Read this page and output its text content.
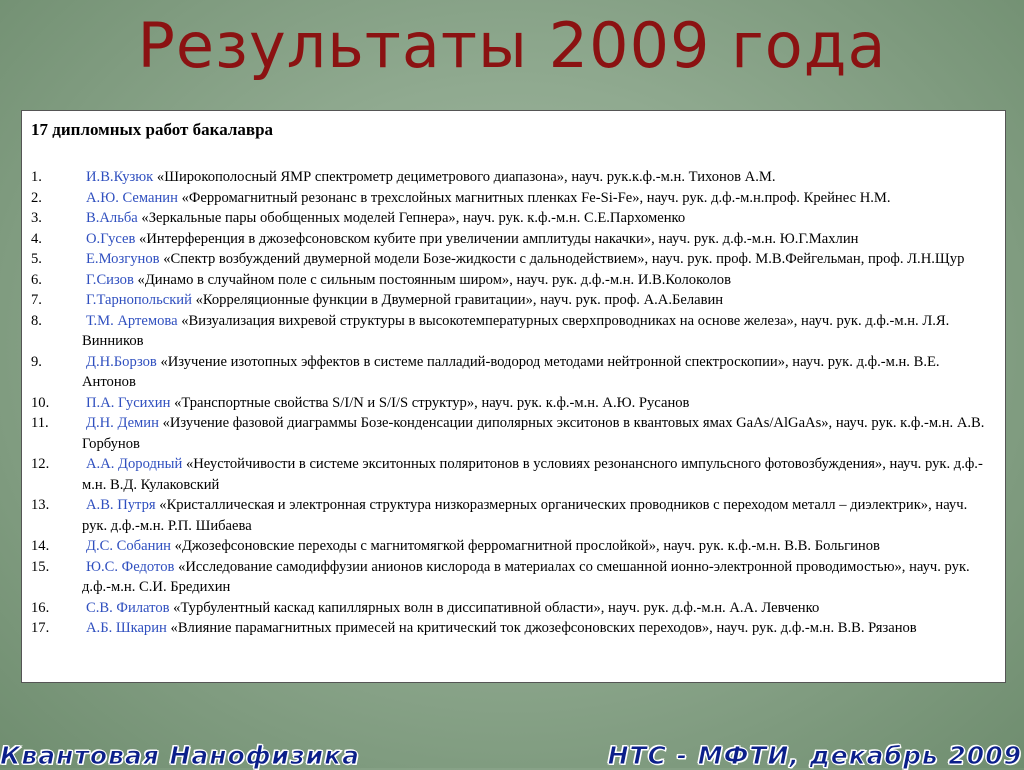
Результаты 2009 года
17 дипломных работ бакалавра
1.	И.В.Кузюк «Широкополосный ЯМР спектрометр дециметрового диапазона», науч. рук.к.ф.-м.н. Тихонов А.М.
2.	А.Ю. Семанин «Ферромагнитный резонанс в трехслойных магнитных пленках Fe-Si-Fe», науч. рук. д.ф.-м.н.проф. Крейнес Н.М.
3.	В.Альба «Зеркальные пары обобщенных моделей Гепнера», науч. рук. к.ф.-м.н. С.Е.Пархоменко
4.	О.Гусев «Интерференция в джозефсоновском кубите при увеличении амплитуды накачки», науч. рук. д.ф.-м.н. Ю.Г.Махлин
5.	Е.Мозгунов «Спектр возбуждений двумерной модели Бозе-жидкости с дальнодействием», науч. рук. проф. М.В.Фейгельман, проф. Л.Н.Щур
6.	Г.Сизов «Динамо в случайном поле с сильным постоянным широм», науч. рук. д.ф.-м.н. И.В.Колоколов
7.	Г.Тарнопольский «Корреляционные функции в Двумерной гравитации», науч. рук. проф. А.А.Белавин
8.	Т.М. Артемова «Визуализация вихревой структуры в высокотемпературных сверхпроводниках на основе железа», науч. рук. д.ф.-м.н. Л.Я. Винников
9.	Д.Н.Борзов «Изучение изотопных эффектов в системе палладий-водород методами нейтронной спектроскопии», науч. рук. д.ф.-м.н. В.Е. Антонов
10.	П.А. Гусихин «Транспортные свойства S/I/N и S/I/S структур», науч. рук. к.ф.-м.н. А.Ю. Русанов
11.	Д.Н. Демин «Изучение фазовой диаграммы Бозе-конденсации диполярных экситонов в квантовых ямах GaAs/AlGaAs», науч. рук. к.ф.-м.н. А.В. Горбунов
12.	А.А. Дородный «Неустойчивости в системе экситонных поляритонов в условиях резонансного импульсного фотовозбуждения», науч. рук. д.ф.-м.н. В.Д. Кулаковский
13.	А.В. Путря «Кристаллическая и электронная структура низкоразмерных органических проводников с переходом металл – диэлектрик», науч. рук. д.ф.-м.н. Р.П. Шибаева
14.	Д.С. Собанин «Джозефсоновские переходы с магнитомягкой ферромагнитной прослойкой», науч. рук. к.ф.-м.н. В.В. Больгинов
15.	Ю.С. Федотов «Исследование самодиффузии анионов кислорода в материалах со смешанной ионно-электронной проводимостью», науч. рук. д.ф.-м.н. С.И. Бредихин
16.	С.В. Филатов «Турбулентный каскад капиллярных волн в диссипативной области», науч. рук. д.ф.-м.н. А.А. Левченко
17.	А.Б. Шкарин «Влияние парамагнитных примесей на критический ток джозефсоновских переходов», науч. рук. д.ф.-м.н. В.В. Рязанов
Квантовая Нанофизика	НТС - МФТИ, декабрь 2009
